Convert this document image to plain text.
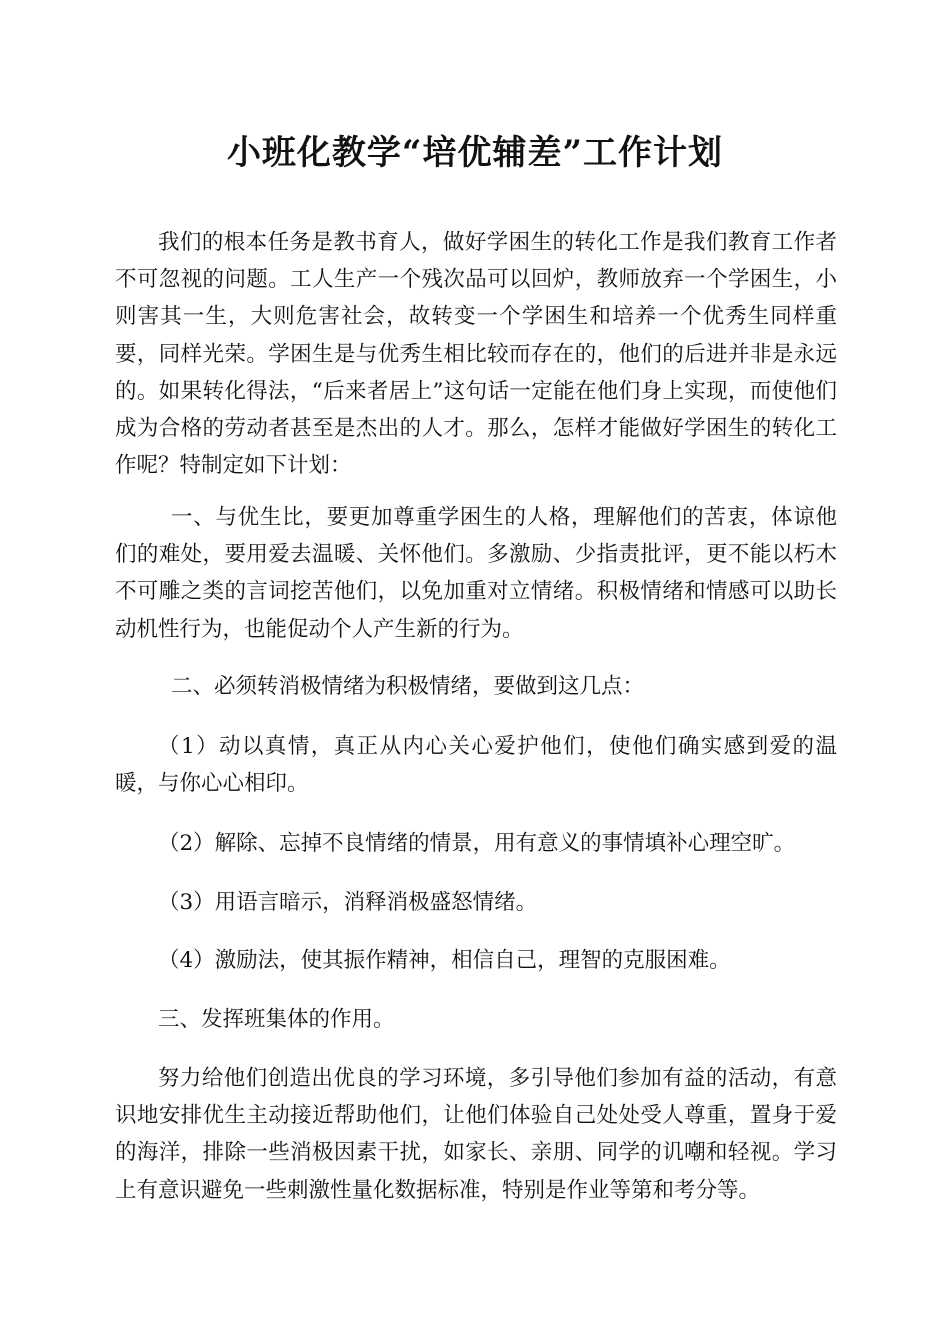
小班化教学“培优辅差”工作计划

我们的根本任务是教书育人，做好学困生的转化工作是我们教育工作者不可忽视的问题。工人生产一个残次品可以回炉，教师放弃一个学困生，小则害其一生，大则危害社会，故转变一个学困生和培养一个优秀生同样重要，同样光荣。学困生是与优秀生相比较而存在的，他们的后进并非是永远的。如果转化得法，“后来者居上”这句话一定能在他们身上实现，而使他们成为合格的劳动者甚至是杰出的人才。那么，怎样才能做好学困生的转化工作呢？特制定如下计划：

一、与优生比，要更加尊重学困生的人格，理解他们的苦衷，体谅他们的难处，要用爱去温暖、关怀他们。多激励、少指责批评，更不能以朽木不可雕之类的言词挖苦他们，以免加重对立情绪。积极情绪和情感可以助长动机性行为，也能促动个人产生新的行为。

二、必须转消极情绪为积极情绪，要做到这几点：

（1）动以真情，真正从内心关心爱护他们，使他们确实感到爱的温暖，与你心心相印。

（2）解除、忘掉不良情绪的情景，用有意义的事情填补心理空旷。

（3）用语言暗示，消释消极盛怒情绪。

（4）激励法，使其振作精神，相信自己，理智的克服困难。

三、发挥班集体的作用。

努力给他们创造出优良的学习环境，多引导他们参加有益的活动，有意识地安排优生主动接近帮助他们，让他们体验自己处处受人尊重，置身于爱的海洋，排除一些消极因素干扰，如家长、亲朋、同学的讥嘲和轻视。学习上有意识避免一些刺激性量化数据标准，特别是作业等第和考分等。
